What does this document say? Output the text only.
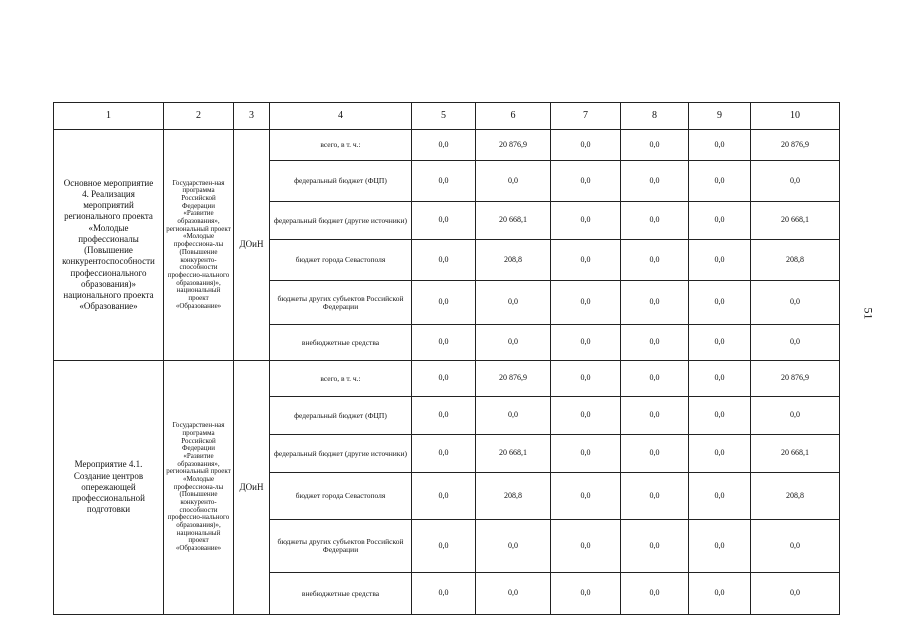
1	2	3	4	5	6	7	8	9	10
Основное мероприятие 4. Реализация мероприятий регионального проекта «Молодые профессионалы (Повышение конкурентоспособности профессионального образования)» национального проекта «Образование»	Государствен-ная программа Российской Федерации «Развитие образования», региональный проект «Молодые профессиона-лы (Повышение конкуренто-способности профессио-нального образования)», национальный проект «Образование»	ДОиН	всего, в т. ч.:	0,0	20 876,9	0,0	0,0	0,0	20 876,9
			федеральный бюджет (ФЦП)	0,0	0,0	0,0	0,0	0,0	0,0
			федеральный бюджет (другие источники)	0,0	20 668,1	0,0	0,0	0,0	20 668,1
			бюджет города Севастополя	0,0	208,8	0,0	0,0	0,0	208,8
			бюджеты других субъектов Российской Федерации	0,0	0,0	0,0	0,0	0,0	0,0
			внебюджетные средства	0,0	0,0	0,0	0,0	0,0	0,0
Мероприятие 4.1. Создание центров опережающей профессиональной подготовки	Государствен-ная программа Российской Федерации «Развитие образования», региональный проект «Молодые профессиона-лы (Повышение конкуренто-способности профессио-нального образования)», национальный проект «Образование»	ДОиН	всего, в т. ч.:	0,0	20 876,9	0,0	0,0	0,0	20 876,9
			федеральный бюджет (ФЦП)	0,0	0,0	0,0	0,0	0,0	0,0
			федеральный бюджет (другие источники)	0,0	20 668,1	0,0	0,0	0,0	20 668,1
			бюджет города Севастополя	0,0	208,8	0,0	0,0	0,0	208,8
			бюджеты других субъектов Российской Федерации	0,0	0,0	0,0	0,0	0,0	0,0
			внебюджетные средства	0,0	0,0	0,0	0,0	0,0	0,0
51
